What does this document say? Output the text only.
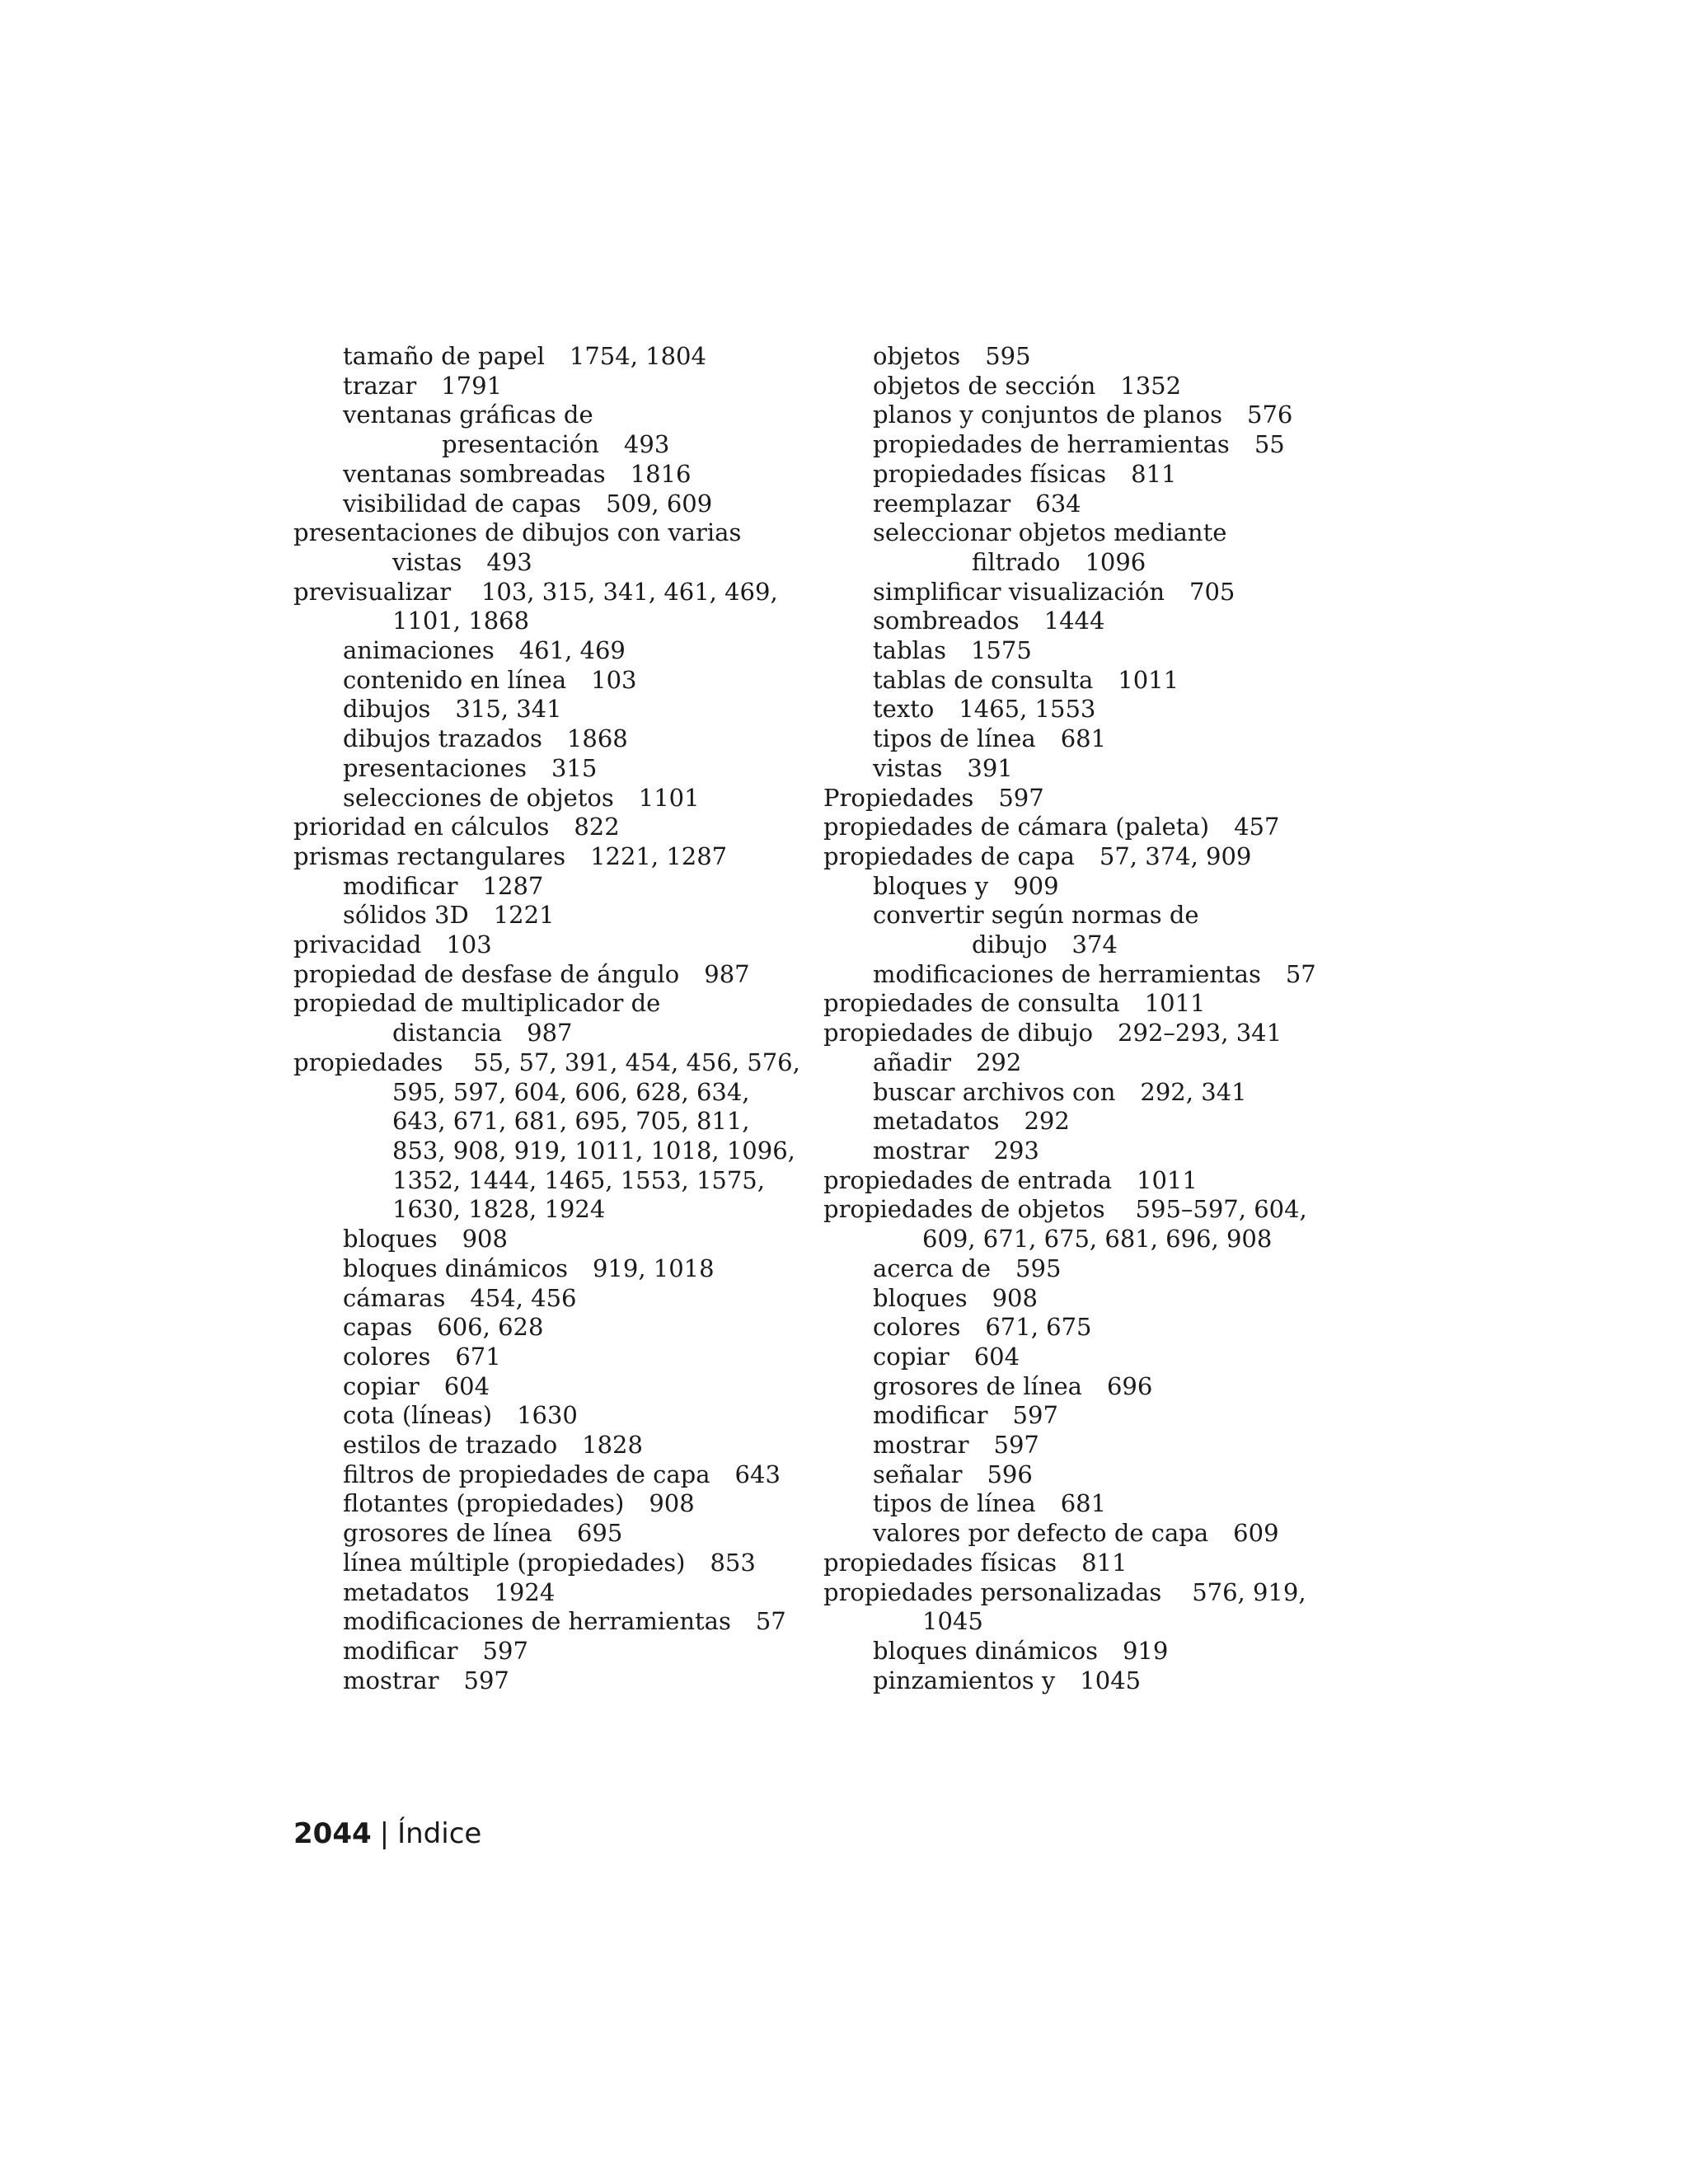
tamaño de papel 1754, 1804
trazar 1791
ventanas gráficas de
presentación 493
ventanas sombreadas 1816
visibilidad de capas 509, 609
presentaciones de dibujos con varias
vistas 493
previsualizar    103, 315, 341, 461, 469,
1101, 1868
animaciones 461, 469
contenido en línea 103
dibujos 315, 341
dibujos trazados 1868
presentaciones 315
selecciones de objetos 1101
prioridad en cálculos 822
prismas rectangulares 1221, 1287
modificar 1287
sólidos 3D 1221
privacidad 103
propiedad de desfase de ángulo 987
propiedad de multiplicador de
distancia 987
propiedades    55, 57, 391, 454, 456, 576,
595, 597, 604, 606, 628, 634,
643, 671, 681, 695, 705, 811,
853, 908, 919, 1011, 1018, 1096,
1352, 1444, 1465, 1553, 1575,
1630, 1828, 1924
bloques 908
bloques dinámicos 919, 1018
cámaras 454, 456
capas 606, 628
colores 671
copiar 604
cota (líneas) 1630
estilos de trazado 1828
filtros de propiedades de capa 643
flotantes (propiedades) 908
grosores de línea 695
línea múltiple (propiedades) 853
metadatos 1924
modificaciones de herramientas 57
modificar 597
mostrar 597
objetos 595
objetos de sección 1352
planos y conjuntos de planos 576
propiedades de herramientas 55
propiedades físicas 811
reemplazar 634
seleccionar objetos mediante
filtrado 1096
simplificar visualización 705
sombreados 1444
tablas 1575
tablas de consulta 1011
texto 1465, 1553
tipos de línea 681
vistas 391
Propiedades 597
propiedades de cámara (paleta) 457
propiedades de capa 57, 374, 909
bloques y 909
convertir según normas de
dibujo 374
modificaciones de herramientas 57
propiedades de consulta 1011
propiedades de dibujo 292–293, 341
añadir 292
buscar archivos con 292, 341
metadatos 292
mostrar 293
propiedades de entrada 1011
propiedades de objetos    595–597, 604,
609, 671, 675, 681, 696, 908
acerca de 595
bloques 908
colores 671, 675
copiar 604
grosores de línea 696
modificar 597
mostrar 597
señalar 596
tipos de línea 681
valores por defecto de capa 609
propiedades físicas 811
propiedades personalizadas    576, 919,
1045
bloques dinámicos 919
pinzamientos y 1045
2044 | Índice
